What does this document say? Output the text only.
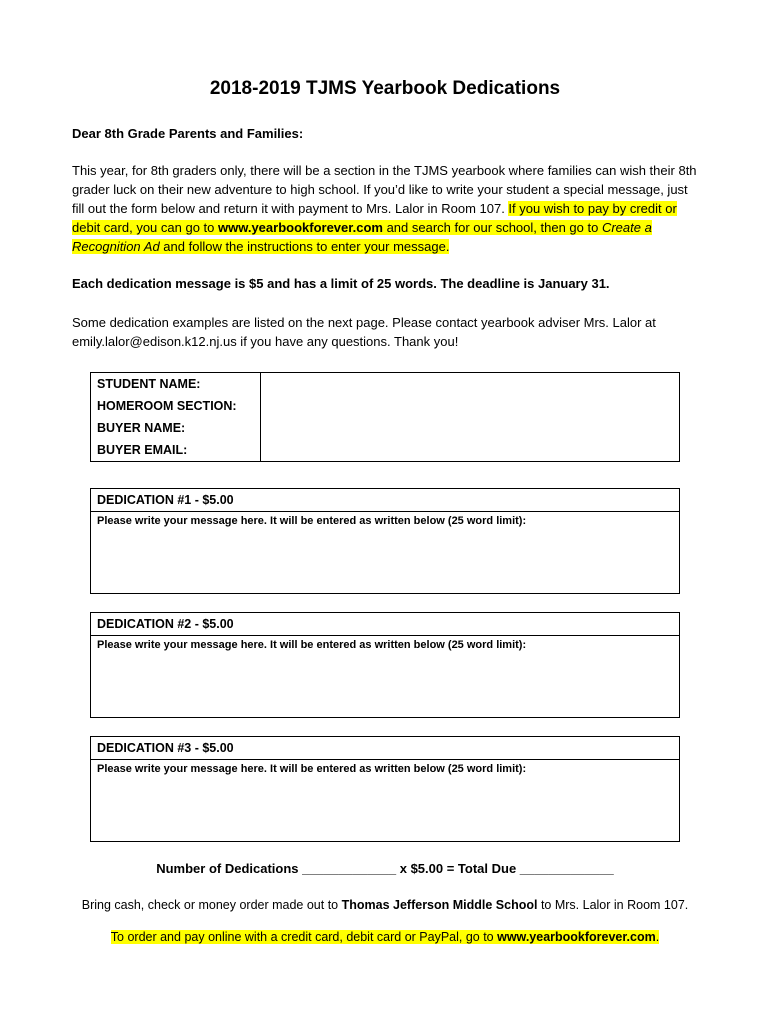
2018-2019 TJMS Yearbook Dedications
Dear 8th Grade Parents and Families:
This year, for 8th graders only, there will be a section in the TJMS yearbook where families can wish their 8th grader luck on their new adventure to high school. If you’d like to write your student a special message, just fill out the form below and return it with payment to Mrs. Lalor in Room 107. If you wish to pay by credit or debit card, you can go to www.yearbookforever.com and search for our school, then go to Create a Recognition Ad and follow the instructions to enter your message.
Each dedication message is $5 and has a limit of 25 words. The deadline is January 31.
Some dedication examples are listed on the next page. Please contact yearbook adviser Mrs. Lalor at emily.lalor@edison.k12.nj.us if you have any questions. Thank you!
STUDENT NAME:	
HOMEROOM SECTION:	
BUYER NAME:	
BUYER EMAIL:	
DEDICATION #1 - $5.00
Please write your message here. It will be entered as written below (25 word limit):
DEDICATION #2 - $5.00
Please write your message here. It will be entered as written below (25 word limit):
DEDICATION #3 - $5.00
Please write your message here. It will be entered as written below (25 word limit):
Number of Dedications _____________ x $5.00 = Total Due _____________
Bring cash, check or money order made out to Thomas Jefferson Middle School to Mrs. Lalor in Room 107.
To order and pay online with a credit card, debit card or PayPal, go to www.yearbookforever.com.
